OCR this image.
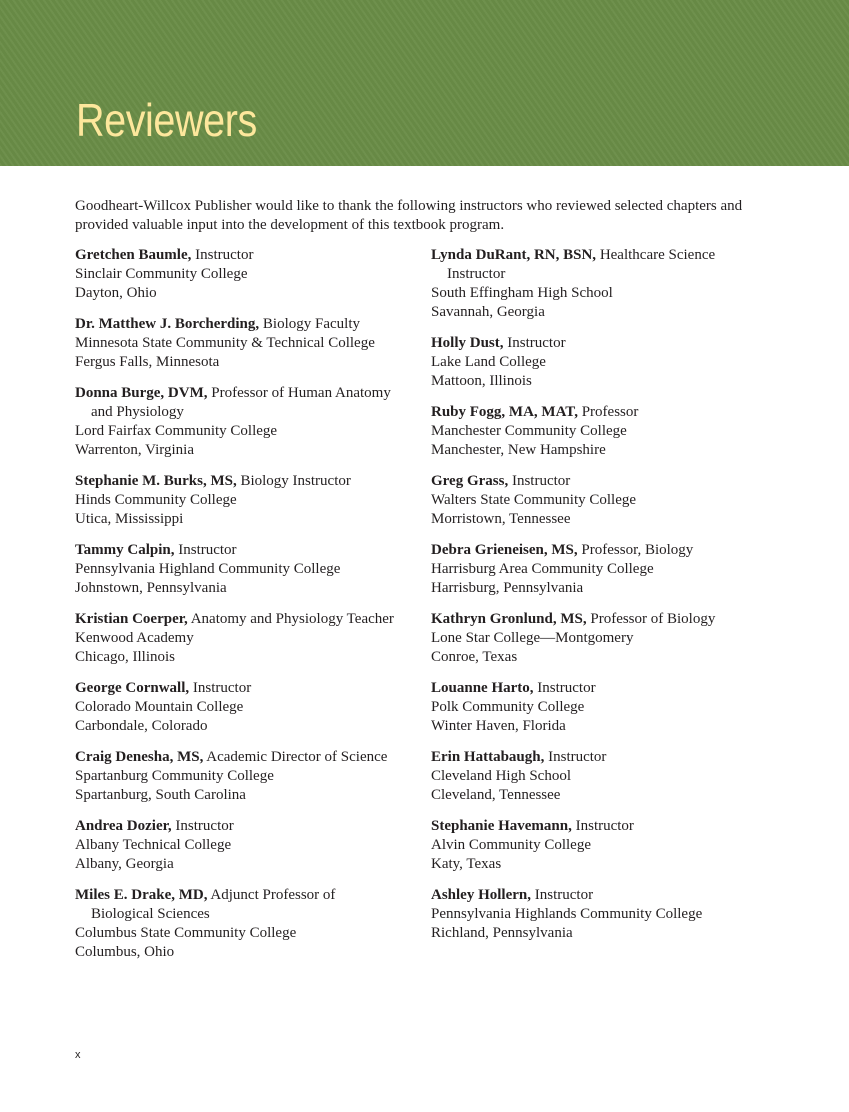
Reviewers

Goodheart-Willcox Publisher would like to thank the following instructors who reviewed selected chapters and provided valuable input into the development of this textbook program.

Gretchen Baumle, Instructor
Sinclair Community College
Dayton, Ohio
Dr. Matthew J. Borcherding, Biology Faculty
Minnesota State Community & Technical College
Fergus Falls, Minnesota
Donna Burge, DVM, Professor of Human Anatomy
and Physiology
Lord Fairfax Community College
Warrenton, Virginia
Stephanie M. Burks, MS, Biology Instructor
Hinds Community College
Utica, Mississippi
Tammy Calpin, Instructor
Pennsylvania Highland Community College
Johnstown, Pennsylvania
Kristian Coerper, Anatomy and Physiology Teacher
Kenwood Academy
Chicago, Illinois
George Cornwall, Instructor
Colorado Mountain College
Carbondale, Colorado
Craig Denesha, MS, Academic Director of Science
Spartanburg Community College
Spartanburg, South Carolina
Andrea Dozier, Instructor
Albany Technical College
Albany, Georgia
Miles E. Drake, MD, Adjunct Professor of
Biological Sciences
Columbus State Community College
Columbus, Ohio
Lynda DuRant, RN, BSN, Healthcare Science
Instructor
South Effingham High School
Savannah, Georgia
Holly Dust, Instructor
Lake Land College
Mattoon, Illinois
Ruby Fogg, MA, MAT, Professor
Manchester Community College
Manchester, New Hampshire
Greg Grass, Instructor
Walters State Community College
Morristown, Tennessee
Debra Grieneisen, MS, Professor, Biology
Harrisburg Area Community College
Harrisburg, Pennsylvania
Kathryn Gronlund, MS, Professor of Biology
Lone Star College—Montgomery
Conroe, Texas
Louanne Harto, Instructor
Polk Community College
Winter Haven, Florida
Erin Hattabaugh, Instructor
Cleveland High School
Cleveland, Tennessee
Stephanie Havemann, Instructor
Alvin Community College
Katy, Texas
Ashley Hollern, Instructor
Pennsylvania Highlands Community College
Richland, Pennsylvania
x
